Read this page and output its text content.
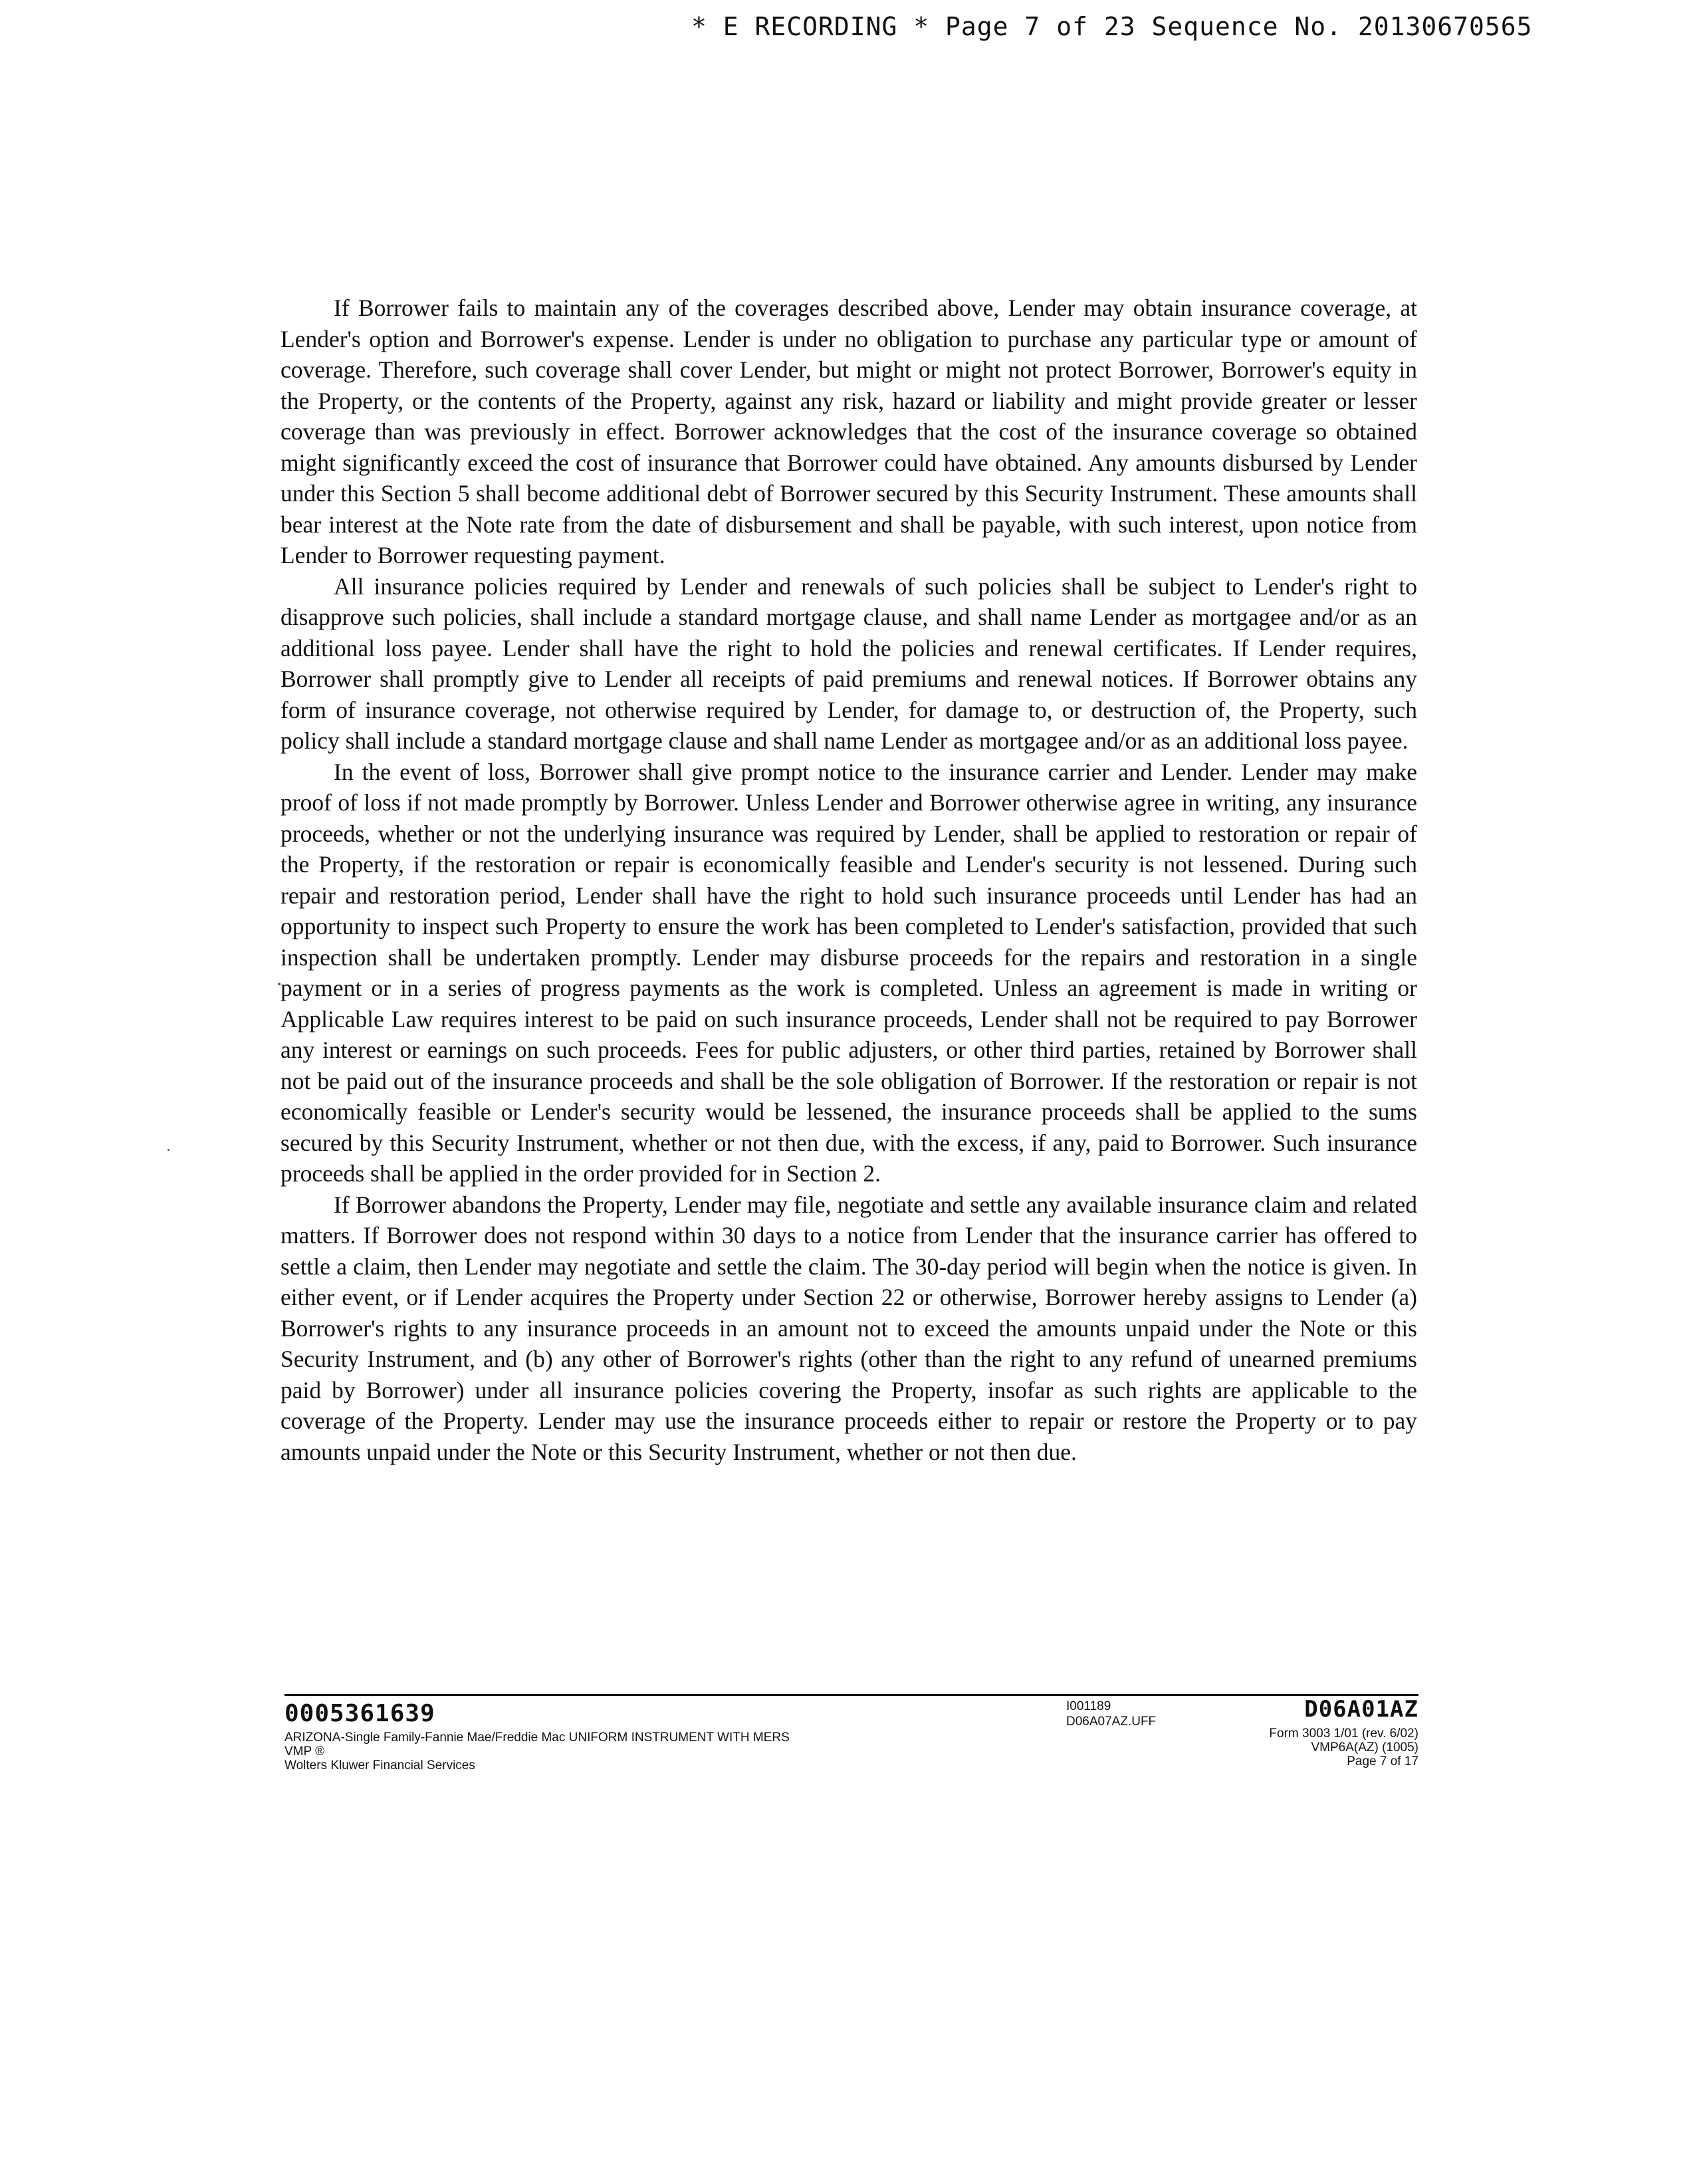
* E RECORDING * Page 7 of 23 Sequence No. 20130670565

If Borrower fails to maintain any of the coverages described above, Lender may obtain insurance coverage, at Lender's option and Borrower's expense. Lender is under no obligation to purchase any particular type or amount of coverage. Therefore, such coverage shall cover Lender, but might or might not protect Borrower, Borrower's equity in the Property, or the contents of the Property, against any risk, hazard or liability and might provide greater or lesser coverage than was previously in effect. Borrower acknowledges that the cost of the insurance coverage so obtained might significantly exceed the cost of insurance that Borrower could have obtained. Any amounts disbursed by Lender under this Section 5 shall become additional debt of Borrower secured by this Security Instrument. These amounts shall bear interest at the Note rate from the date of disbursement and shall be payable, with such interest, upon notice from Lender to Borrower requesting payment.

All insurance policies required by Lender and renewals of such policies shall be subject to Lender's right to disapprove such policies, shall include a standard mortgage clause, and shall name Lender as mortgagee and/or as an additional loss payee. Lender shall have the right to hold the policies and renewal certificates. If Lender requires, Borrower shall promptly give to Lender all receipts of paid premiums and renewal notices. If Borrower obtains any form of insurance coverage, not otherwise required by Lender, for damage to, or destruction of, the Property, such policy shall include a standard mortgage clause and shall name Lender as mortgagee and/or as an additional loss payee.

In the event of loss, Borrower shall give prompt notice to the insurance carrier and Lender. Lender may make proof of loss if not made promptly by Borrower. Unless Lender and Borrower otherwise agree in writing, any insurance proceeds, whether or not the underlying insurance was required by Lender, shall be applied to restoration or repair of the Property, if the restoration or repair is economically feasible and Lender's security is not lessened. During such repair and restoration period, Lender shall have the right to hold such insurance proceeds until Lender has had an opportunity to inspect such Property to ensure the work has been completed to Lender's satisfaction, provided that such inspection shall be undertaken promptly. Lender may disburse proceeds for the repairs and restoration in a single payment or in a series of progress payments as the work is completed. Unless an agreement is made in writing or Applicable Law requires interest to be paid on such insurance proceeds, Lender shall not be required to pay Borrower any interest or earnings on such proceeds. Fees for public adjusters, or other third parties, retained by Borrower shall not be paid out of the insurance proceeds and shall be the sole obligation of Borrower. If the restoration or repair is not economically feasible or Lender's security would be lessened, the insurance proceeds shall be applied to the sums secured by this Security Instrument, whether or not then due, with the excess, if any, paid to Borrower. Such insurance proceeds shall be applied in the order provided for in Section 2.

If Borrower abandons the Property, Lender may file, negotiate and settle any available insurance claim and related matters. If Borrower does not respond within 30 days to a notice from Lender that the insurance carrier has offered to settle a claim, then Lender may negotiate and settle the claim. The 30-day period will begin when the notice is given. In either event, or if Lender acquires the Property under Section 22 or otherwise, Borrower hereby assigns to Lender (a) Borrower's rights to any insurance proceeds in an amount not to exceed the amounts unpaid under the Note or this Security Instrument, and (b) any other of Borrower's rights (other than the right to any refund of unearned premiums paid by Borrower) under all insurance policies covering the Property, insofar as such rights are applicable to the coverage of the Property. Lender may use the insurance proceeds either to repair or restore the Property or to pay amounts unpaid under the Note or this Security Instrument, whether or not then due.

0005361639
ARIZONA-Single Family-Fannie Mae/Freddie Mac UNIFORM INSTRUMENT WITH MERS
VMP ®
Wolters Kluwer Financial Services
I001189
D06A07AZ.UFF	D06A01AZ
Form 3003 1/01 (rev. 6/02)
VMP6A(AZ) (1005)
Page 7 of 17
